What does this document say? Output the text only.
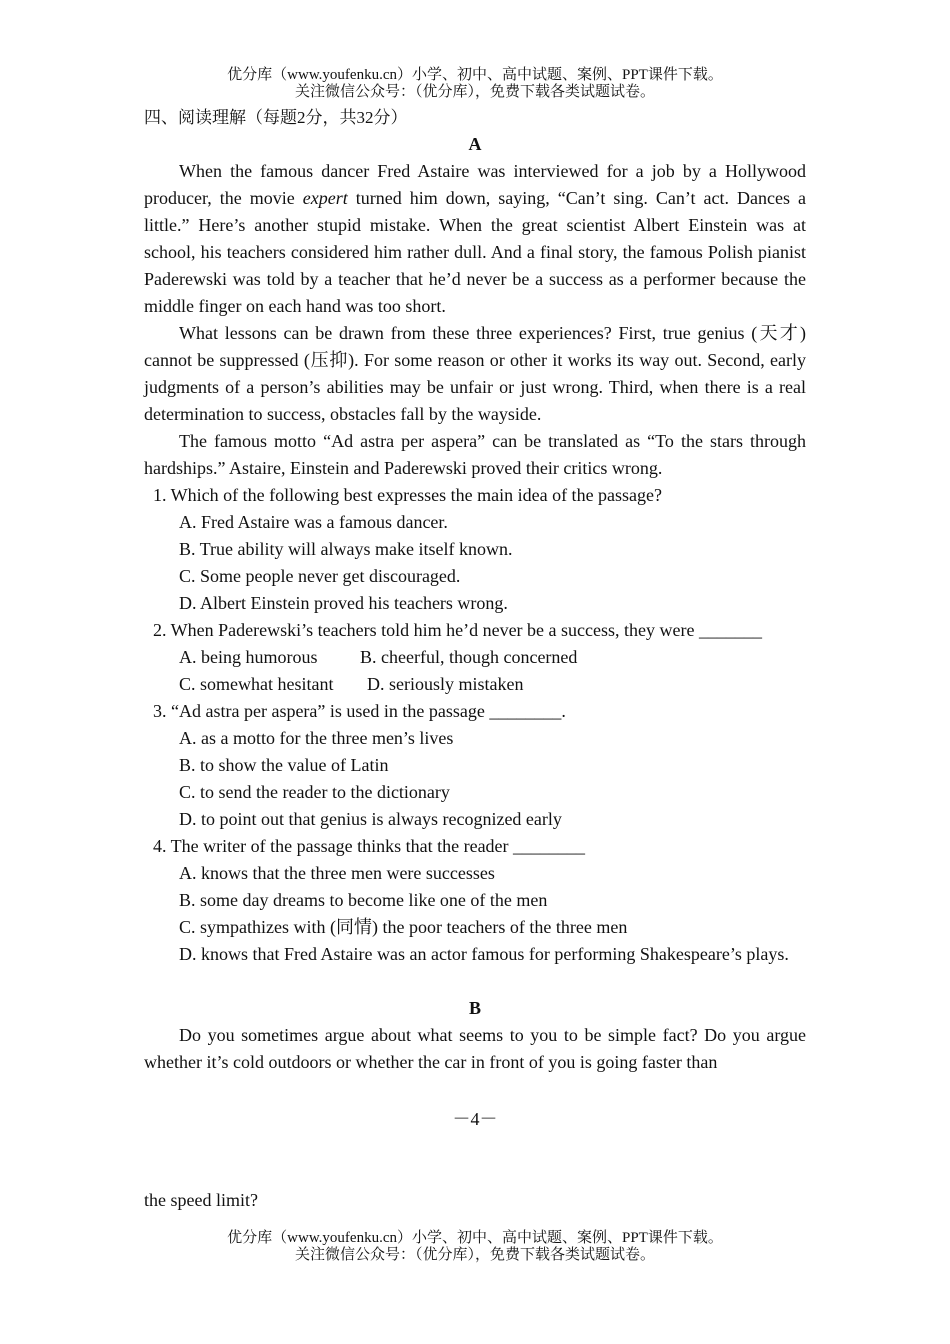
优分库（www.youfenku.cn）小学、初中、高中试题、案例、PPT课件下载。
关注微信公众号：（优分库），免费下载各类试题试卷。

四、阅读理解（每题2分，共32分）

A

When the famous dancer Fred Astaire was interviewed for a job by a Hollywood producer, the movie expert turned him down, saying, “Can’t sing. Can’t act. Dances a little.” Here’s another stupid mistake. When the great scientist Albert Einstein was at school, his teachers considered him rather dull. And a final story, the famous Polish pianist Paderewski was told by a teacher that he’d never be a success as a performer because the middle finger on each hand was too short.

What lessons can be drawn from these three experiences? First, true genius (天才) cannot be suppressed (压抑). For some reason or other it works its way out. Second, early judgments of a person’s abilities may be unfair or just wrong. Third, when there is a real determination to success, obstacles fall by the wayside.

The famous motto “Ad astra per aspera” can be translated as “To the stars through hardships.” Astaire, Einstein and Paderewski proved their critics wrong.

1. Which of the following best expresses the main idea of the passage?

A. Fred Astaire was a famous dancer.

B. True ability will always make itself known.

C. Some people never get discouraged.

D. Albert Einstein proved his teachers wrong.

2. When Paderewski’s teachers told him he’d never be a success, they were _______

A. being humorous B. cheerful, though concerned

C. somewhat hesitant D. seriously mistaken

3. “Ad astra per aspera” is used in the passage ________.

A. as a motto for the three men’s lives

B. to show the value of Latin

C. to send the reader to the dictionary

D. to point out that genius is always recognized early

4. The writer of the passage thinks that the reader ________

A. knows that the three men were successes

B. some day dreams to become like one of the men

C. sympathizes with (同情) the poor teachers of the three men

D. knows that Fred Astaire was an actor famous for performing Shakespeare’s plays.

B

Do you sometimes argue about what seems to you to be simple fact? Do you argue whether it’s cold outdoors or whether the car in front of you is going faster than

－4－
the speed limit?
优分库（www.youfenku.cn）小学、初中、高中试题、案例、PPT课件下载。
关注微信公众号：（优分库），免费下载各类试题试卷。
